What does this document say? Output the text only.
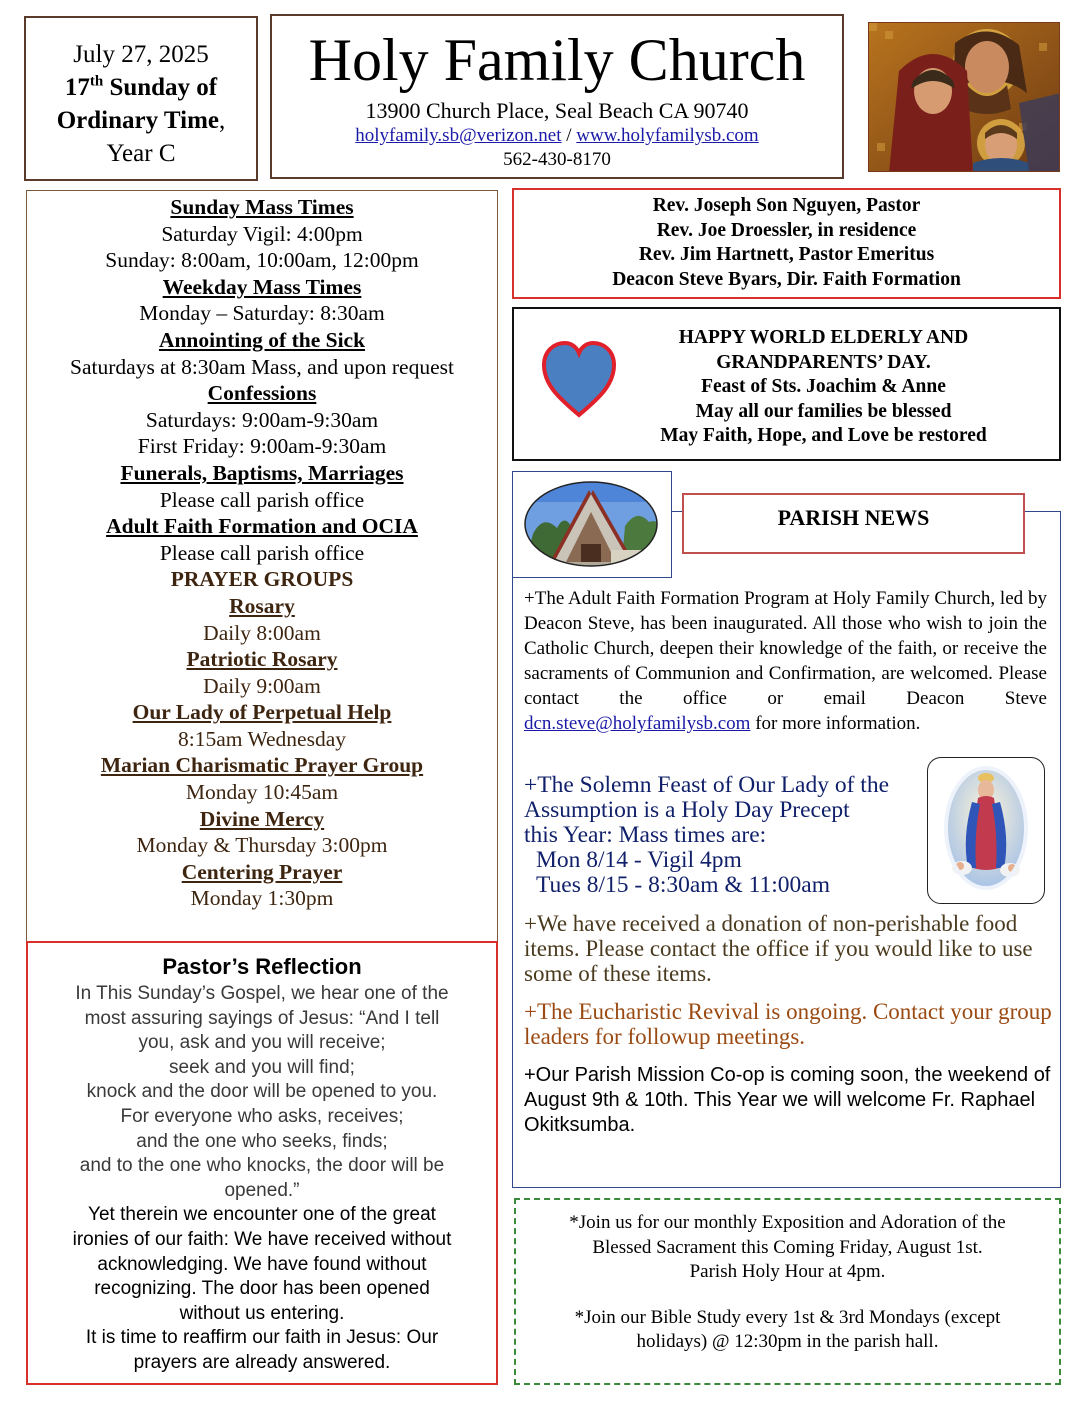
July 27, 2025
17th Sunday of
Ordinary Time,
Year C
Holy Family Church
13900 Church Place, Seal Beach CA 90740
holyfamily.sb@verizon.net / www.holyfamilysb.com
562-430-8170
Sunday Mass Times
Saturday Vigil: 4:00pm
Sunday: 8:00am, 10:00am, 12:00pm
Weekday Mass Times
Monday – Saturday: 8:30am
Annointing of the Sick
Saturdays at 8:30am Mass, and upon request
Confessions
Saturdays: 9:00am-9:30am
First Friday: 9:00am-9:30am
Funerals, Baptisms, Marriages
Please call parish office
Adult Faith Formation and OCIA
Please call parish office
PRAYER GROUPS
Rosary
Daily 8:00am
Patriotic Rosary
Daily 9:00am
Our Lady of Perpetual Help
8:15am Wednesday
Marian Charismatic Prayer Group
Monday 10:45am
Divine Mercy
Monday & Thursday 3:00pm
Centering Prayer
Monday 1:30pm
Pastor’s Reflection
In This Sunday’s Gospel, we hear one of the
most assuring sayings of Jesus: “And I tell
you, ask and you will receive;
seek and you will find;
knock and the door will be opened to you.
For everyone who asks, receives;
and the one who seeks, finds;
and to the one who knocks, the door will be
opened.”
Yet therein we encounter one of the great
ironies of our faith: We have received without
acknowledging. We have found without
recognizing. The door has been opened
without us entering.
It is time to reaffirm our faith in Jesus: Our
prayers are already answered.
Rev. Joseph Son Nguyen, Pastor
Rev. Joe Droessler, in residence
Rev. Jim Hartnett, Pastor Emeritus
Deacon Steve Byars, Dir. Faith Formation
HAPPY WORLD ELDERLY AND
GRANDPARENTS’ DAY.
Feast of Sts. Joachim & Anne
May all our families be blessed
May Faith, Hope, and Love be restored
PARISH NEWS
+The Adult Faith Formation Program at Holy Family Church, led by Deacon Steve, has been inaugurated. All those who wish to join the Catholic Church, deepen their knowledge of the faith, or receive the sacraments of Communion and Confirmation, are welcomed. Please contact the office or email Deacon Steve dcn.steve@holyfamilysb.com for more information.
+The Solemn Feast of Our Lady of the
Assumption is a Holy Day Precept
this Year: Mass times are:
Mon 8/14 - Vigil 4pm
Tues 8/15 - 8:30am & 11:00am
+We have received a donation of non-perishable food items. Please contact the office if you would like to use some of these items.
+The Eucharistic Revival is ongoing. Contact your group leaders for followup meetings.
+Our Parish Mission Co-op is coming soon, the weekend of August 9th & 10th. This Year we will welcome Fr. Raphael Okitksumba.
*Join us for our monthly Exposition and Adoration of the
Blessed Sacrament this Coming Friday, August 1st.
Parish Holy Hour at 4pm.
*Join our Bible Study every 1st & 3rd Mondays (except
holidays) @ 12:30pm in the parish hall.
